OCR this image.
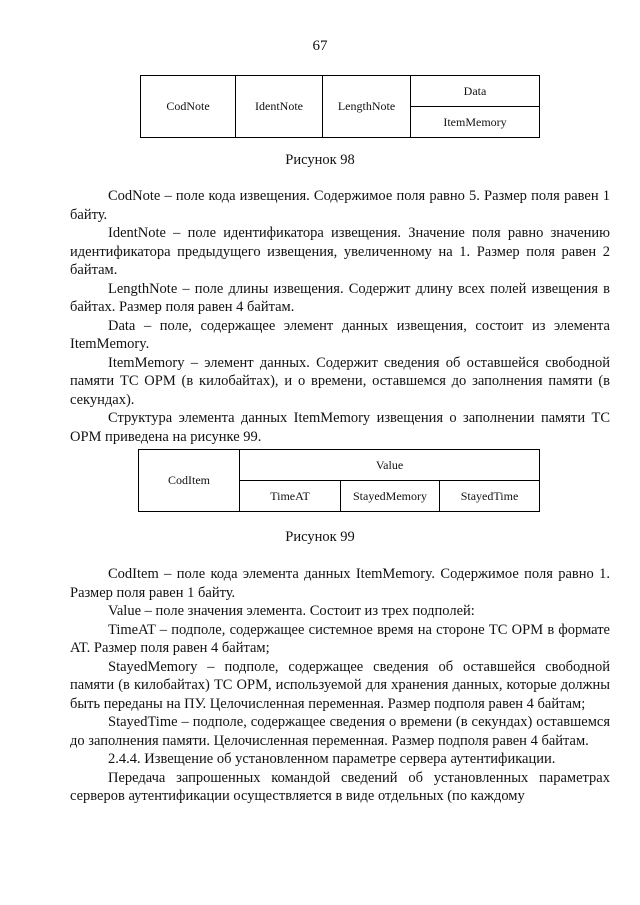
67
CodNote	IdentNote	LengthNote	Data
ItemMemory
Рисунок 98

CodNote – поле кода извещения. Содержимое поля равно 5. Размер поля равен 1 байту.

IdentNote – поле идентификатора извещения. Значение поля равно значению идентификатора предыдущего извещения, увеличенному на 1. Размер поля равен 2 байтам.

LengthNote – поле длины извещения. Содержит длину всех полей извещения в байтах. Размер поля равен 4 байтам.

Data – поле, содержащее элемент данных извещения, состоит из элемента ItemMemory.

ItemMemory – элемент данных. Содержит сведения об оставшейся свободной памяти ТС ОРМ (в килобайтах), и о времени, оставшемся до заполнения памяти (в секундах).

Структура элемента данных ItemMemory извещения о заполнении памяти ТС ОРМ приведена на рисунке 99.

CodItem	Value		
	TimeAT	StayedMemory	StayedTime
Рисунок 99

CodItem – поле кода элемента данных ItemMemory. Содержимое поля равно 1. Размер поля равен 1 байту.

Value – поле значения элемента. Состоит из трех подполей:

TimeAT – подполе, содержащее системное время на стороне ТС ОРМ в формате AT. Размер поля равен 4 байтам;

StayedMemory – подполе, содержащее сведения об оставшейся свободной памяти (в килобайтах) ТС ОРМ, используемой для хранения данных, которые должны быть переданы на ПУ. Целочисленная переменная. Размер подполя равен 4 байтам;

StayedTime – подполе, содержащее сведения о времени (в секундах) оставшемся до заполнения памяти. Целочисленная переменная. Размер подполя равен 4 байтам.

2.4.4. Извещение об установленном параметре сервера аутентификации.

Передача запрошенных командой сведений об установленных параметрах серверов аутентификации осуществляется в виде отдельных (по каждому
